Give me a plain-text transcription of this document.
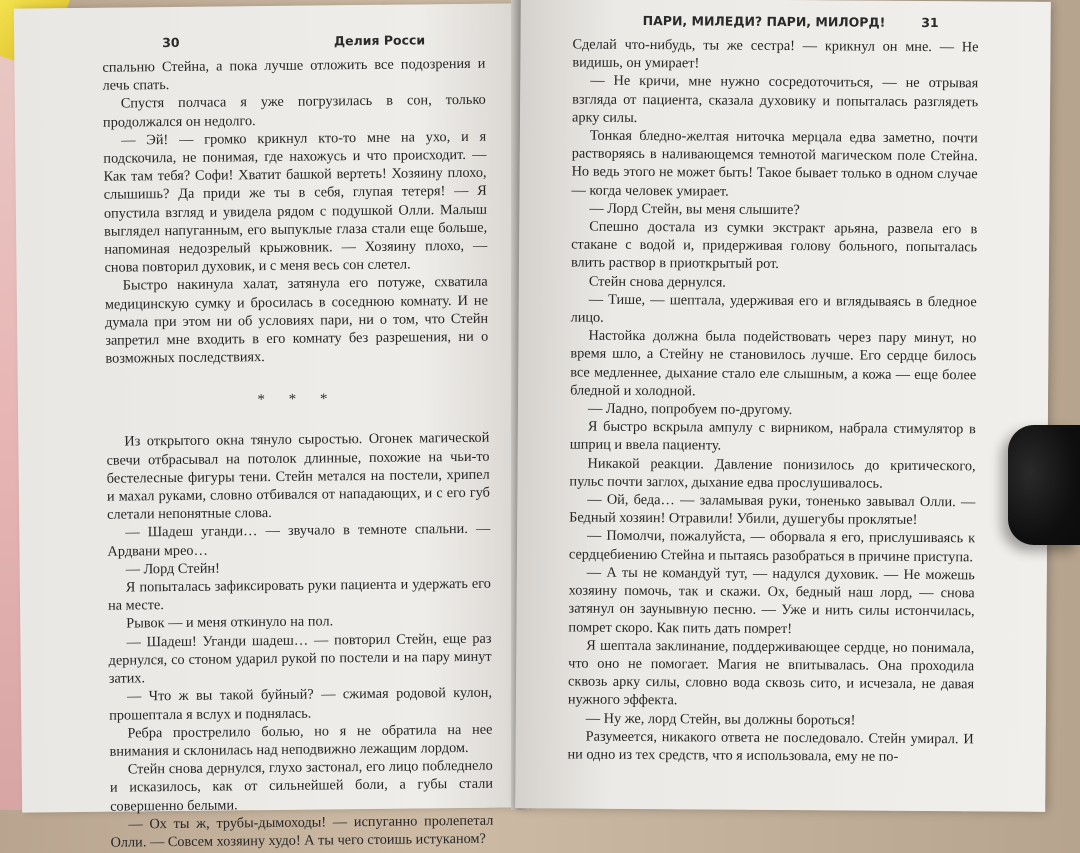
30	Делия Росси

спальню Стейна, а пока лучше отложить все подозрения и лечь спать.

Спустя полчаса я уже погрузилась в сон, только продолжался он недолго.

— Эй! — громко крикнул кто-то мне на ухо, и я подскочила, не понимая, где нахожусь и что происходит. — Как там тебя? Софи! Хватит башкой вертеть! Хозяину плохо, слышишь? Да приди же ты в себя, глупая тетеря! — Я опустила взгляд и увидела рядом с подушкой Олли. Малыш выглядел напуганным, его выпуклые глаза стали еще больше, напоминая недозрелый крыжовник. — Хозяину плохо, — снова повторил духовик, и с меня весь сон слетел.

Быстро накинула халат, затянула его потуже, схватила медицинскую сумку и бросилась в соседнюю комнату. И не думала при этом ни об условиях пари, ни о том, что Стейн запретил мне входить в его комнату без разрешения, ни о возможных последствиях.

* * *

Из открытого окна тянуло сыростью. Огонек магической свечи отбрасывал на потолок длинные, похожие на чьи-то бестелесные фигуры тени. Стейн метался на постели, хрипел и махал руками, словно отбивался от нападающих, и с его губ слетали непонятные слова.

— Шадеш уганди… — звучало в темноте спальни. — Ардвани мрео…

— Лорд Стейн!

Я попыталась зафиксировать руки пациента и удержать его на месте.

Рывок — и меня откинуло на пол.

— Шадеш! Уганди шадеш… — повторил Стейн, еще раз дернулся, со стоном ударил рукой по постели и на пару минут затих.

— Что ж вы такой буйный? — сжимая родовой кулон, прошептала я вслух и поднялась.

Ребра прострелило болью, но я не обратила на нее внимания и склонилась над неподвижно лежащим лордом.

Стейн снова дернулся, глухо застонал, его лицо побледнело и исказилось, как от сильнейшей боли, а губы стали совершенно белыми.

— Ох ты ж, трубы-дымоходы! — испуганно пролепетал Олли. — Совсем хозяину худо! А ты чего стоишь истуканом?

ПАРИ, МИЛЕДИ? ПАРИ, МИЛОРД!	31

Сделай что-нибудь, ты же сестра! — крикнул он мне. — Не видишь, он умирает!

— Не кричи, мне нужно сосредоточиться, — не отрывая взгляда от пациента, сказала духовику и попыталась разглядеть арку силы.

Тонкая бледно-желтая ниточка мерцала едва заметно, почти растворяясь в наливающемся темнотой магическом поле Стейна. Но ведь этого не может быть! Такое бывает только в одном случае — когда человек умирает.

— Лорд Стейн, вы меня слышите?

Спешно достала из сумки экстракт арьяна, развела его в стакане с водой и, придерживая голову больного, попыталась влить раствор в приоткрытый рот.

Стейн снова дернулся.

— Тише, — шептала, удерживая его и вглядываясь в бледное лицо.

Настойка должна была подействовать через пару минут, но время шло, а Стейну не становилось лучше. Его сердце билось все медленнее, дыхание стало еле слышным, а кожа — еще более бледной и холодной.

— Ладно, попробуем по-другому.

Я быстро вскрыла ампулу с вирником, набрала стимулятор в шприц и ввела пациенту.

Никакой реакции. Давление понизилось до критического, пульс почти заглох, дыхание едва прослушивалось.

— Ой, беда… — заламывая руки, тоненько завывал Олли. — Бедный хозяин! Отравили! Убили, душегубы проклятые!

— Помолчи, пожалуйста, — оборвала я его, прислушиваясь к сердцебиению Стейна и пытаясь разобраться в причине приступа.

— А ты не командуй тут, — надулся духовик. — Не можешь хозяину помочь, так и скажи. Ох, бедный наш лорд, — снова затянул он заунывную песню. — Уже и нить силы истончилась, помрет скоро. Как пить дать помрет!

Я шептала заклинание, поддерживающее сердце, но понимала, что оно не помогает. Магия не впитывалась. Она проходила сквозь арку силы, словно вода сквозь сито, и исчезала, не давая нужного эффекта.

— Ну же, лорд Стейн, вы должны бороться!

Разумеется, никакого ответа не последовало. Стейн умирал. И ни одно из тех средств, что я использовала, ему не по-
